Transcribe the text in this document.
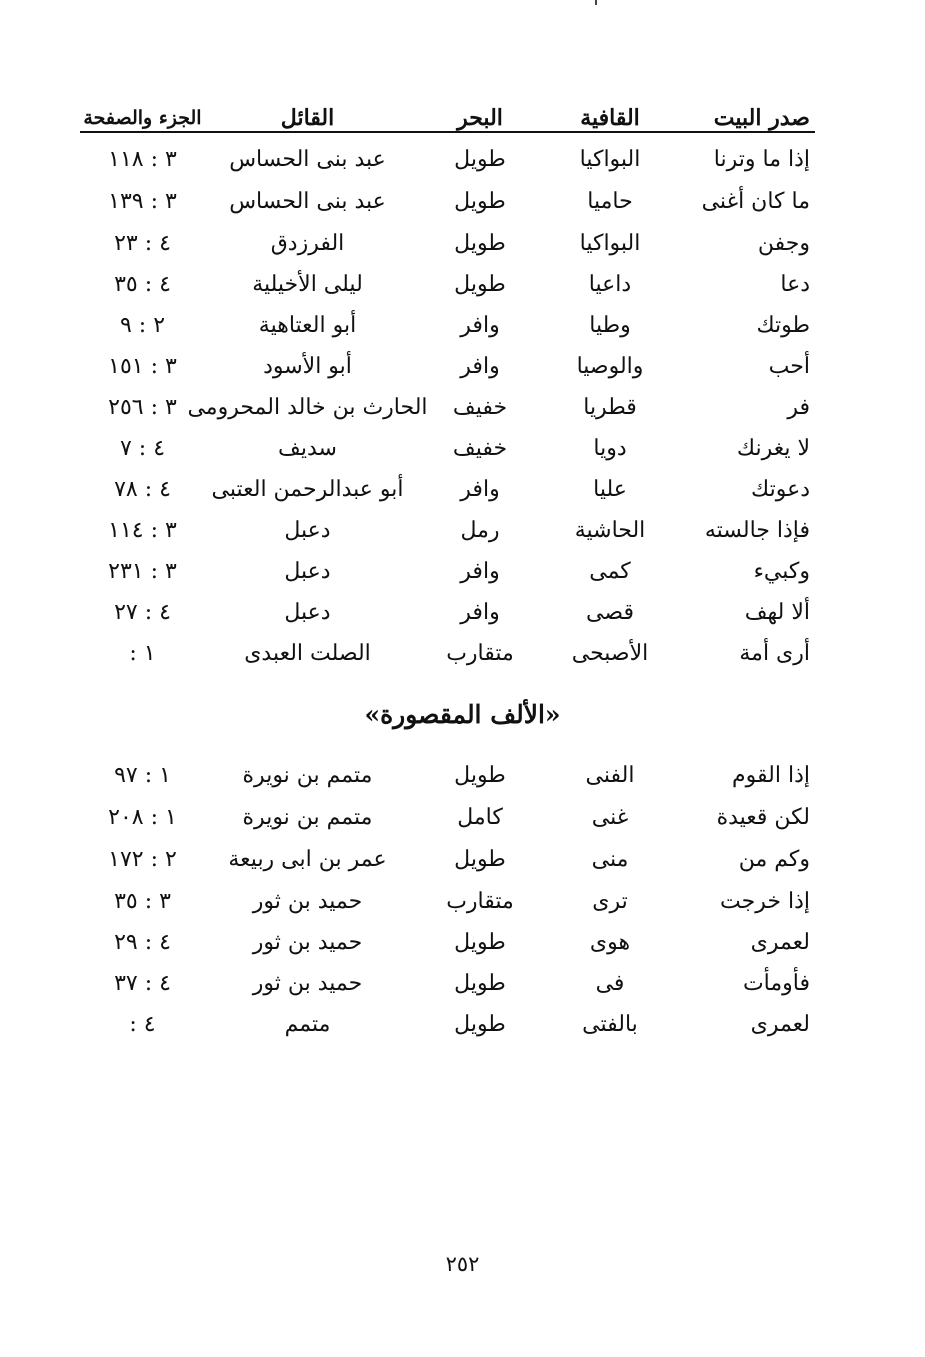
صدر البيت
القافية
البحر
القائل
الجزء والصفحة
إذا ما وترنا
البواكيا
طويل
عبد بنى الحساس
٣ : ١١٨
ما كان أغنى
حاميا
طويل
عبد بنى الحساس
٣ : ١٣٩
وجفن
البواكيا
طويل
الفرزدق
٤ : ٢٣
دعا
داعيا
طويل
ليلى الأخيلية
٤ : ٣٥
طوتك
وطيا
وافر
أبو العتاهية
٢ : ٩
أحب
والوصيا
وافر
أبو الأسود
٣ : ١٥١
فر
قطريا
خفيف
الحارث بن خالد المحرومى
٣ : ٢٥٦
لا يغرنك
دويا
خفيف
سديف
٤ : ٧
دعوتك
عليا
وافر
أبو عبدالرحمن العتبى
٤ : ٧٨
فإذا جالسته
الحاشية
رمل
دعبل
٣ : ١١٤
وكبيء
كمى
وافر
دعبل
٣ : ٢٣١
ألا لهف
قصى
وافر
دعبل
٤ : ٢٧
أرى أمة
الأصبحى
متقارب
الصلت العبدى
١ :
«الألف المقصورة»
إذا القوم
الفنى
طويل
متمم بن نويرة
١ : ٩٧
لكن قعيدة
غنى
كامل
متمم بن نويرة
١ : ٢٠٨
وكم من
منى
طويل
عمر بن ابى ربيعة
٢ : ١٧٢
إذا خرجت
ترى
متقارب
حميد بن ثور
٣ : ٣٥
لعمرى
هوى
طويل
حميد بن ثور
٤ : ٢٩
فأومأت
فى
طويل
حميد بن ثور
٤ : ٣٧
لعمرى
بالفتى
طويل
متمم
٤ :
٢٥٢
